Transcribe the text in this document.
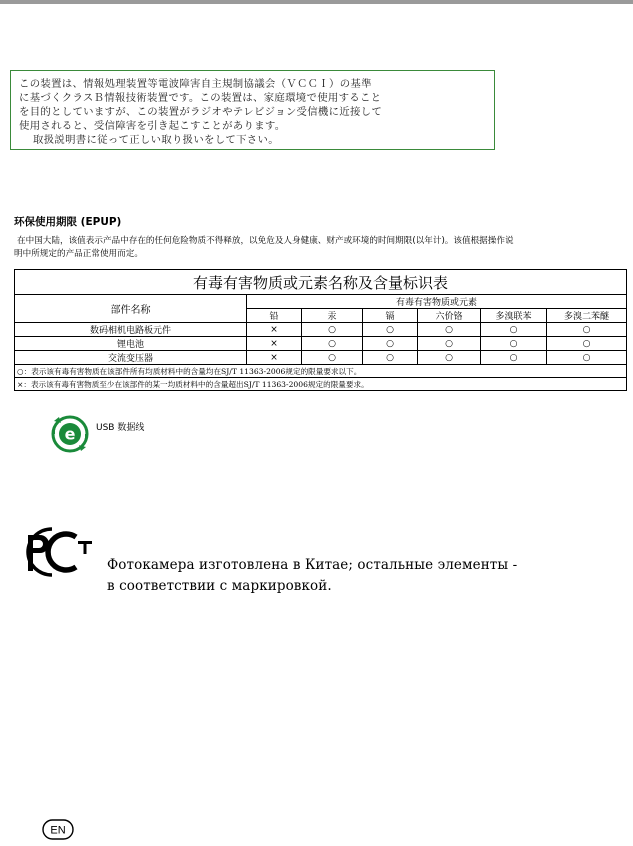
この装置は、情報処理装置等電波障害自主規制協議会（ＶＣＣＩ）の基準
に基づくクラスＢ情報技術装置です。この装置は、家庭環境で使用すること
を目的としていますが、この装置がラジオやテレビジョン受信機に近接して
使用されると、受信障害を引き起こすことがあります。
取扱説明書に従って正しい取り扱いをして下さい。
环保使用期限 (EPUP)
在中国大陆，该值表示产品中存在的任何危险物质不得释放，以免危及人身健康、财产或环境的时间期限(以年计)。该值根据操作说
明中所规定的产品正常使用而定。
有毒有害物质或元素名称及含量标识表						
部件名称	有毒有害物质或元素					
	铅	汞	镉	六价铬	多溴联苯	多溴二苯醚
数码相机电路板元件	×	○	○	○	○	○
锂电池	×	○	○	○	○	○
交流变压器	×	○	○	○	○	○
○：表示该有毒有害物质在该部件所有均质材料中的含量均在SJ/T 11363-2006规定的限量要求以下。						
×：表示该有毒有害物质至少在该部件的某一均质材料中的含量超出SJ/T 11363-2006规定的限量要求。						
e USB 数据线
Фотокамера изготовлена в Китае; остальные элементы -
в соответствии с маркировкой.
EN
